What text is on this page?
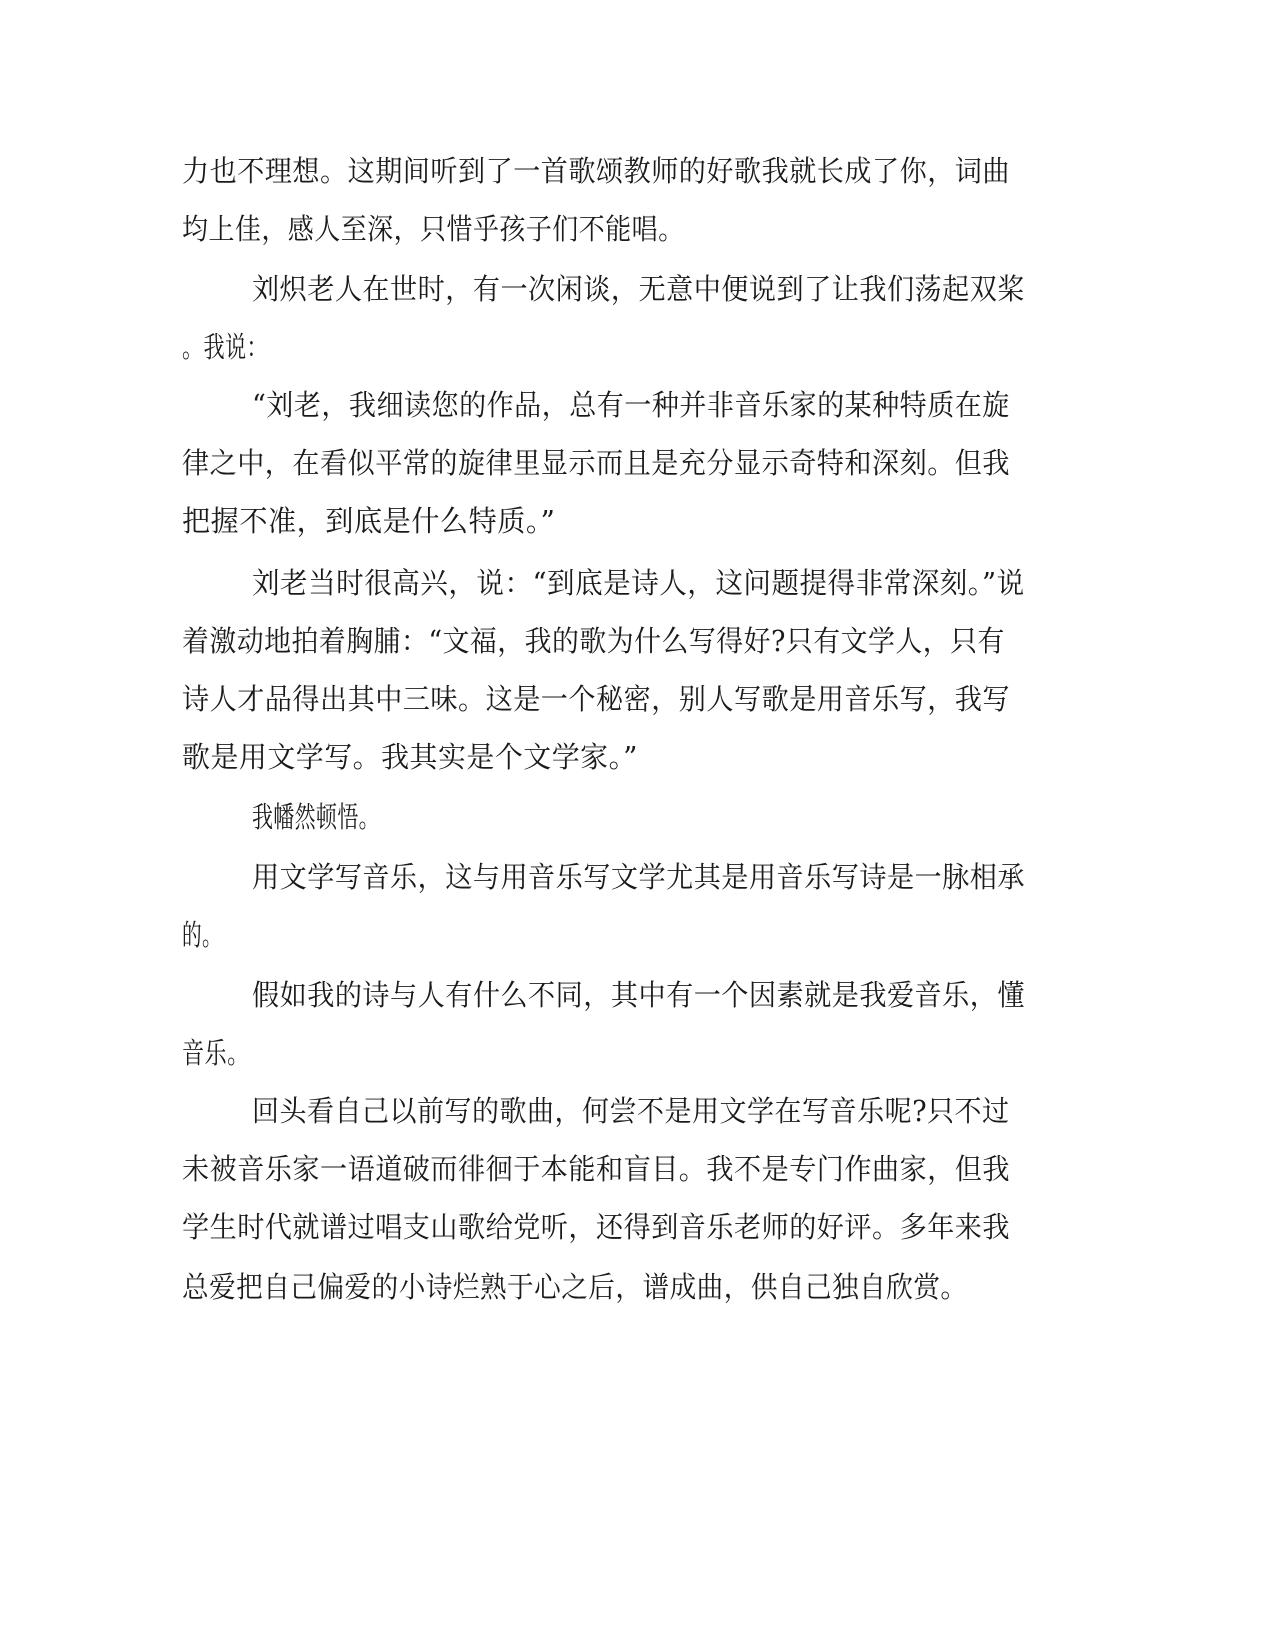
力也不理想。这期间听到了一首歌颂教师的好歌我就长成了你，词曲

均上佳，感人至深，只惜乎孩子们不能唱。

刘炽老人在世时，有一次闲谈，无意中便说到了让我们荡起双桨

。我说：

“刘老，我细读您的作品，总有一种并非音乐家的某种特质在旋

律之中，在看似平常的旋律里显示而且是充分显示奇特和深刻。但我

把握不准，到底是什么特质。”

刘老当时很高兴，说：“到底是诗人，这问题提得非常深刻。”说

着激动地拍着胸脯：“文福，我的歌为什么写得好?只有文学人，只有

诗人才品得出其中三味。这是一个秘密，别人写歌是用音乐写，我写

歌是用文学写。我其实是个文学家。”

我幡然顿悟。

用文学写音乐，这与用音乐写文学尤其是用音乐写诗是一脉相承

的。

假如我的诗与人有什么不同，其中有一个因素就是我爱音乐，懂

音乐。

回头看自己以前写的歌曲，何尝不是用文学在写音乐呢?只不过

未被音乐家一语道破而徘徊于本能和盲目。我不是专门作曲家，但我

学生时代就谱过唱支山歌给党听，还得到音乐老师的好评。多年来我

总爱把自己偏爱的小诗烂熟于心之后，谱成曲，供自己独自欣赏。
